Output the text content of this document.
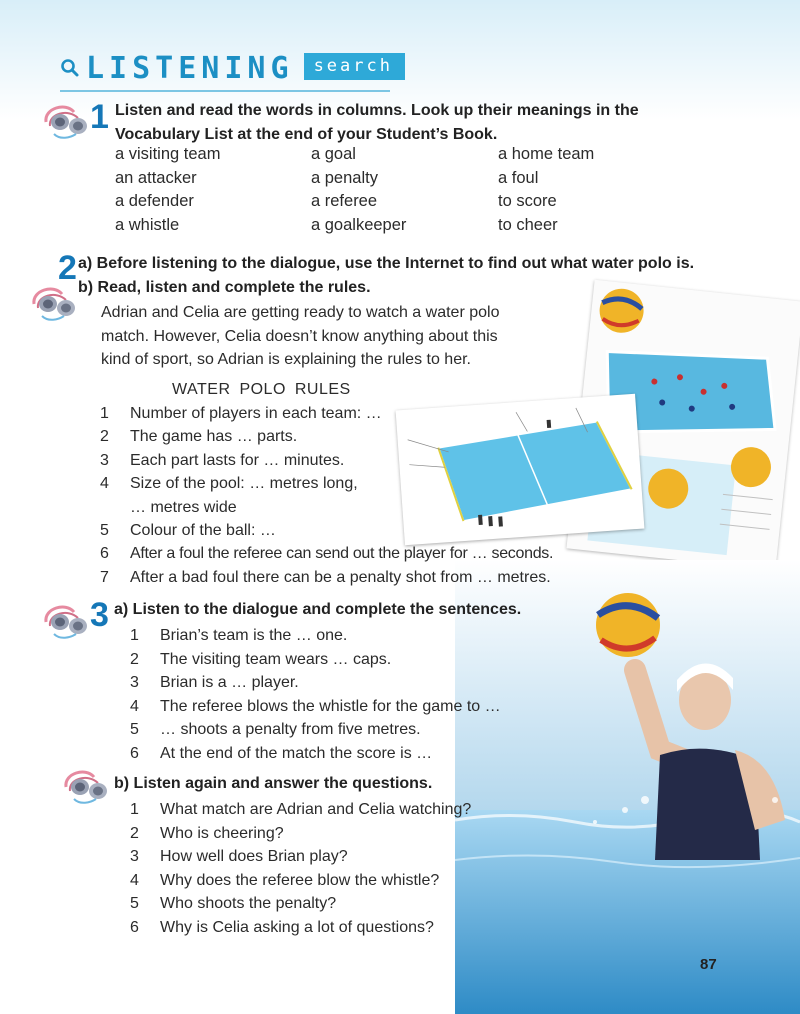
LISTENING	search
1 Listen and read the words in columns. Look up their meanings in the
Vocabulary List at the end of your Student’s Book.
a visiting team	a goal	a home team
an attacker	a penalty	a foul
a defender	a referee	to score
a whistle	a goalkeeper	to cheer
2 a) Before listening to the dialogue, use the Internet to find out what water polo is.
b) Read, listen and complete the rules.
Adrian and Celia are getting ready to watch a water polo
match. However, Celia doesn’t know anything about this
kind of sport, so Adrian is explaining the rules to her.
WATER POLO RULES
1	Number of players in each team: …
2	The game has … parts.
3	Each part lasts for … minutes.
4	Size of the pool: … metres long,
… metres wide
5	Colour of the ball: …
6	After a foul the referee can send out the player for … seconds.
7	After a bad foul there can be a penalty shot from … metres.
3 a) Listen to the dialogue and complete the sentences.
1	Brian’s team is the … one.
2	The visiting team wears … caps.
3	Brian is a … player.
4	The referee blows the whistle for the game to …
5	… shoots a penalty from five metres.
6	At the end of the match the score is …
b) Listen again and answer the questions.
1	What match are Adrian and Celia watching?
2	Who is cheering?
3	How well does Brian play?
4	Why does the referee blow the whistle?
5	Who shoots the penalty?
6	Why is Celia asking a lot of questions?
87
